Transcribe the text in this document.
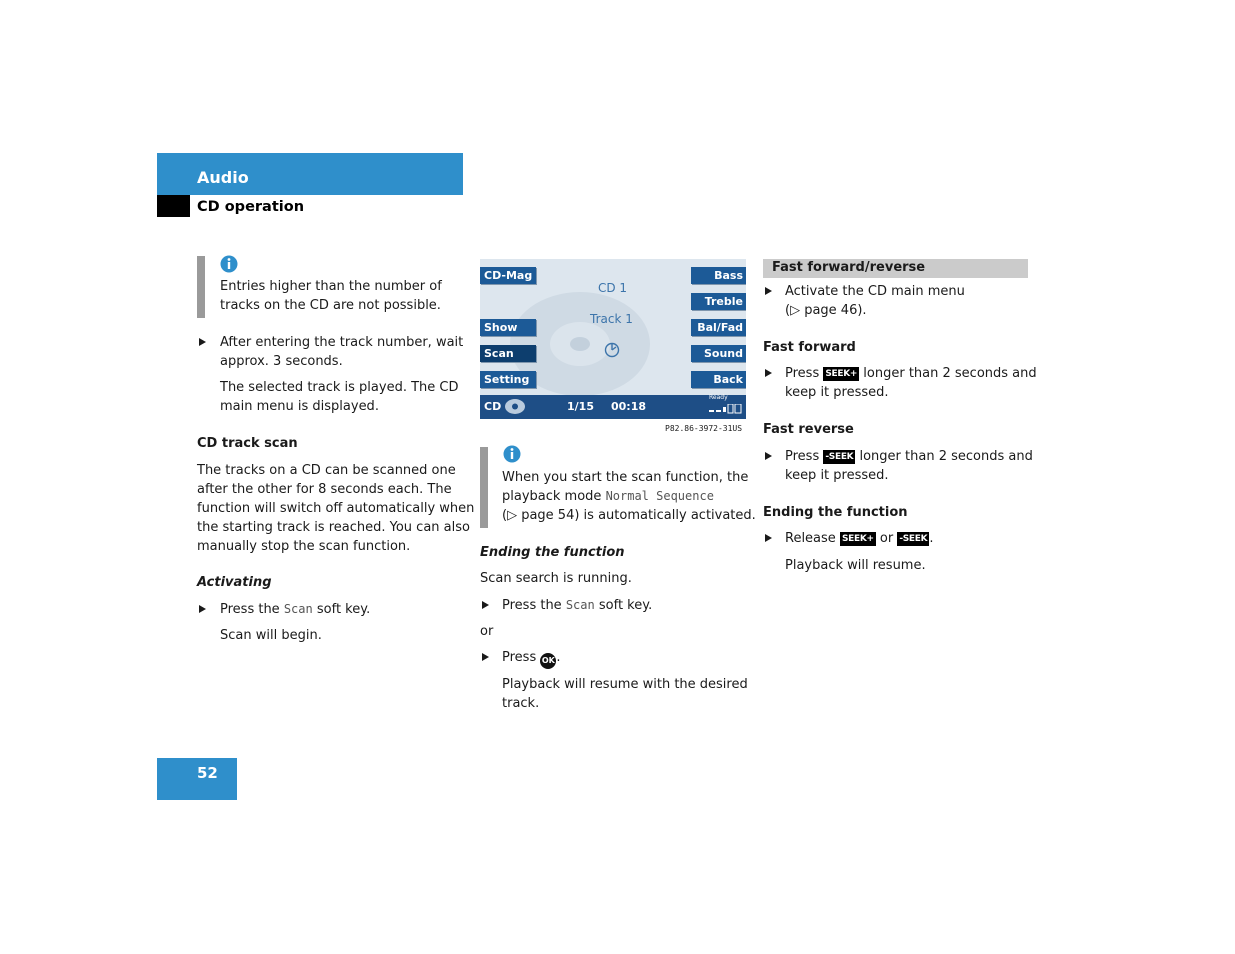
Audio
CD operation
Entries higher than the number of
tracks on the CD are not possible.
After entering the track number, wait
approx. 3 seconds.
The selected track is played. The CD
main menu is displayed.
CD track scan
The tracks on a CD can be scanned one
after the other for 8 seconds each. The
function will switch off automatically when
the starting track is reached. You can also
manually stop the scan function.
Activating
Press the Scan soft key.
Scan will begin.
CD-Mag
Show
Scan
Setting
Bass
Treble
Bal/Fad
Sound
Back
CD 1
Track 1
CD	1/15 00:18
Ready
P82.86-3972-31US
When you start the scan function, the
playback mode Normal Sequence
(▷ page 54) is automatically activated.
Ending the function
Scan search is running.
Press the Scan soft key.
or
Press OK .
Playback will resume with the desired
track.
Fast forward/reverse
Activate the CD main menu
(▷ page 46).
Fast forward
Press SEEK+ longer than 2 seconds and
keep it pressed.
Fast reverse
Press -SEEK longer than 2 seconds and
keep it pressed.
Ending the function
Release SEEK+ or -SEEK .
Playback will resume.
52
